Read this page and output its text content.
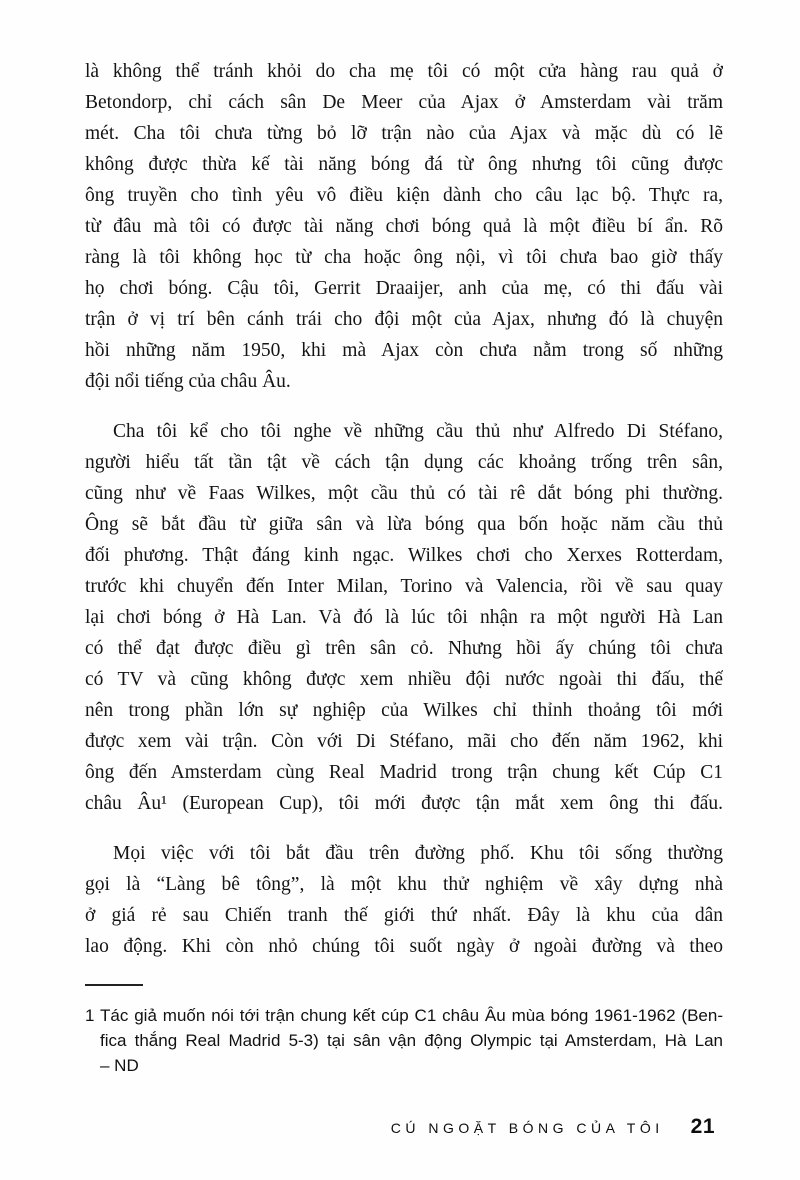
là không thể tránh khỏi do cha mẹ tôi có một cửa hàng rau quả ở
Betondorp, chỉ cách sân De Meer của Ajax ở Amsterdam vài trăm
mét. Cha tôi chưa từng bỏ lỡ trận nào của Ajax và mặc dù có lẽ
không được thừa kế tài năng bóng đá từ ông nhưng tôi cũng được
ông truyền cho tình yêu vô điều kiện dành cho câu lạc bộ. Thực ra,
từ đâu mà tôi có được tài năng chơi bóng quả là một điều bí ẩn. Rõ
ràng là tôi không học từ cha hoặc ông nội, vì tôi chưa bao giờ thấy
họ chơi bóng. Cậu tôi, Gerrit Draaijer, anh của mẹ, có thi đấu vài
trận ở vị trí bên cánh trái cho đội một của Ajax, nhưng đó là chuyện
hồi những năm 1950, khi mà Ajax còn chưa nằm trong số những
đội nổi tiếng của châu Âu.
Cha tôi kể cho tôi nghe về những cầu thủ như Alfredo Di Stéfano,
người hiểu tất tần tật về cách tận dụng các khoảng trống trên sân,
cũng như về Faas Wilkes, một cầu thủ có tài rê dắt bóng phi thường.
Ông sẽ bắt đầu từ giữa sân và lừa bóng qua bốn hoặc năm cầu thủ
đối phương. Thật đáng kinh ngạc. Wilkes chơi cho Xerxes Rotterdam,
trước khi chuyển đến Inter Milan, Torino và Valencia, rồi về sau quay
lại chơi bóng ở Hà Lan. Và đó là lúc tôi nhận ra một người Hà Lan
có thể đạt được điều gì trên sân cỏ. Nhưng hồi ấy chúng tôi chưa
có TV và cũng không được xem nhiều đội nước ngoài thi đấu, thế
nên trong phần lớn sự nghiệp của Wilkes chỉ thỉnh thoảng tôi mới
được xem vài trận. Còn với Di Stéfano, mãi cho đến năm 1962, khi
ông đến Amsterdam cùng Real Madrid trong trận chung kết Cúp C1
châu Âu¹ (European Cup), tôi mới được tận mắt xem ông thi đấu.
Mọi việc với tôi bắt đầu trên đường phố. Khu tôi sống thường
gọi là “Làng bê tông”, là một khu thử nghiệm về xây dựng nhà
ở giá rẻ sau Chiến tranh thế giới thứ nhất. Đây là khu của dân
lao động. Khi còn nhỏ chúng tôi suốt ngày ở ngoài đường và theo
1 Tác giả muốn nói tới trận chung kết cúp C1 châu Âu mùa bóng 1961-1962 (Ben-
fica thắng Real Madrid 5-3) tại sân vận động Olympic tại Amsterdam, Hà Lan
– ND
CÚ NGOẶT BÓNG CỦA TÔI 21
